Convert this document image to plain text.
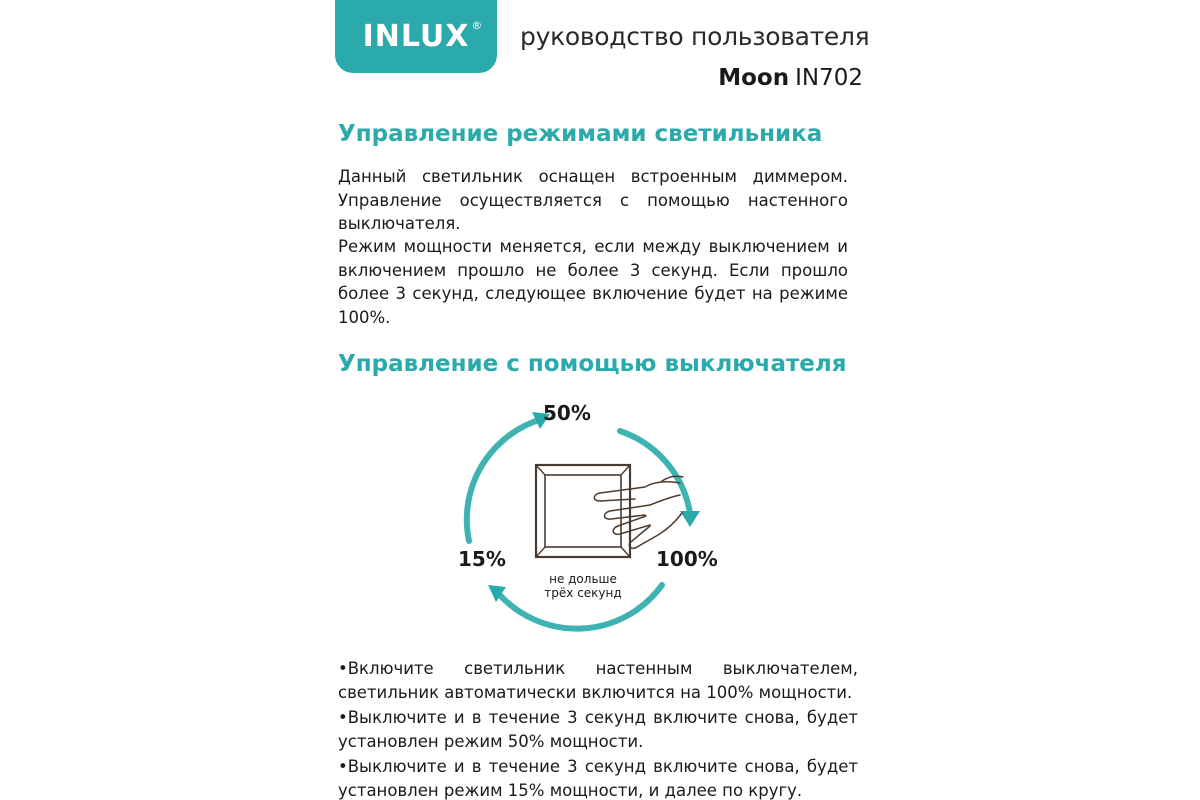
INLUX ® руководство пользователя
Moon IN702
Управление режимами светильника

Данный светильник оснащен встроенным диммером. Управление осуществляется с помощью настенного выключателя.

Режим мощности меняется, если между выключением и включением прошло не более 3 секунд. Если прошло более 3 секунд, следующее включение будет на режиме 100%.

Управление с помощью выключателя
50%
15%	100%
не дольше
трёх секунд
•Включите светильник настенным выключателем, светильник автоматически включится на 100% мощности.
•Выключите и в течение 3 секунд включите снова, будет установлен режим 50% мощности.
•Выключите и в течение 3 секунд включите снова, будет установлен режим 15% мощности, и далее по кругу.
